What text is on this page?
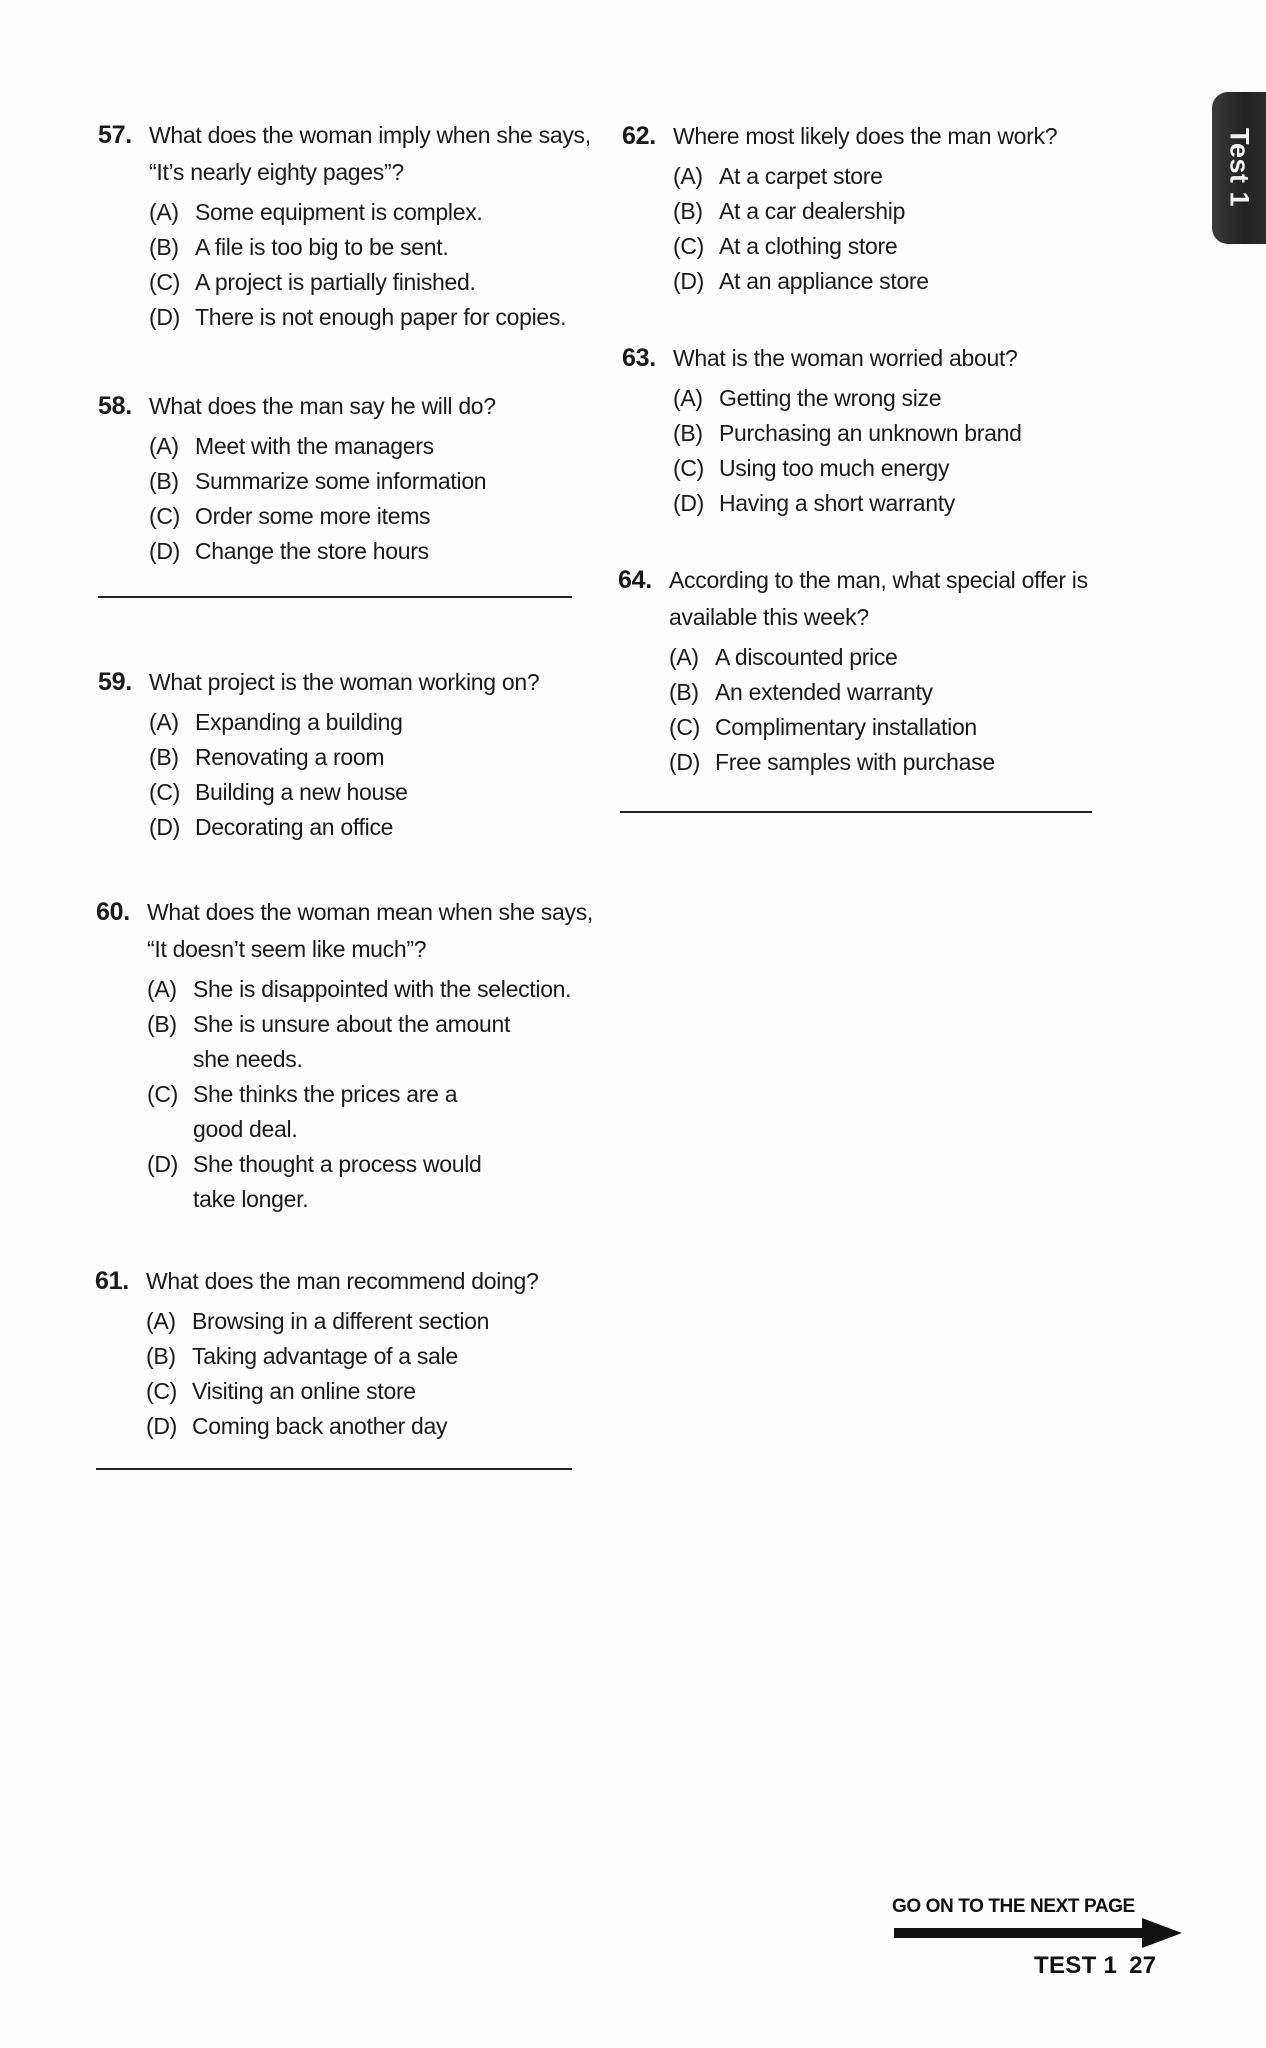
Test 1
57. What does the woman imply when she says, “It’s nearly eighty pages”?
(A) Some equipment is complex.
(B) A file is too big to be sent.
(C) A project is partially finished.
(D) There is not enough paper for copies.
58. What does the man say he will do?
(A) Meet with the managers
(B) Summarize some information
(C) Order some more items
(D) Change the store hours
59. What project is the woman working on?
(A) Expanding a building
(B) Renovating a room
(C) Building a new house
(D) Decorating an office
60. What does the woman mean when she says, “It doesn’t seem like much”?
(A) She is disappointed with the selection.
(B) She is unsure about the amount she needs.
(C) She thinks the prices are a good deal.
(D) She thought a process would take longer.
61. What does the man recommend doing?
(A) Browsing in a different section
(B) Taking advantage of a sale
(C) Visiting an online store
(D) Coming back another day
62. Where most likely does the man work?
(A) At a carpet store
(B) At a car dealership
(C) At a clothing store
(D) At an appliance store
63. What is the woman worried about?
(A) Getting the wrong size
(B) Purchasing an unknown brand
(C) Using too much energy
(D) Having a short warranty
64. According to the man, what special offer is available this week?
(A) A discounted price
(B) An extended warranty
(C) Complimentary installation
(D) Free samples with purchase
GO ON TO THE NEXT PAGE
TEST 1 27
